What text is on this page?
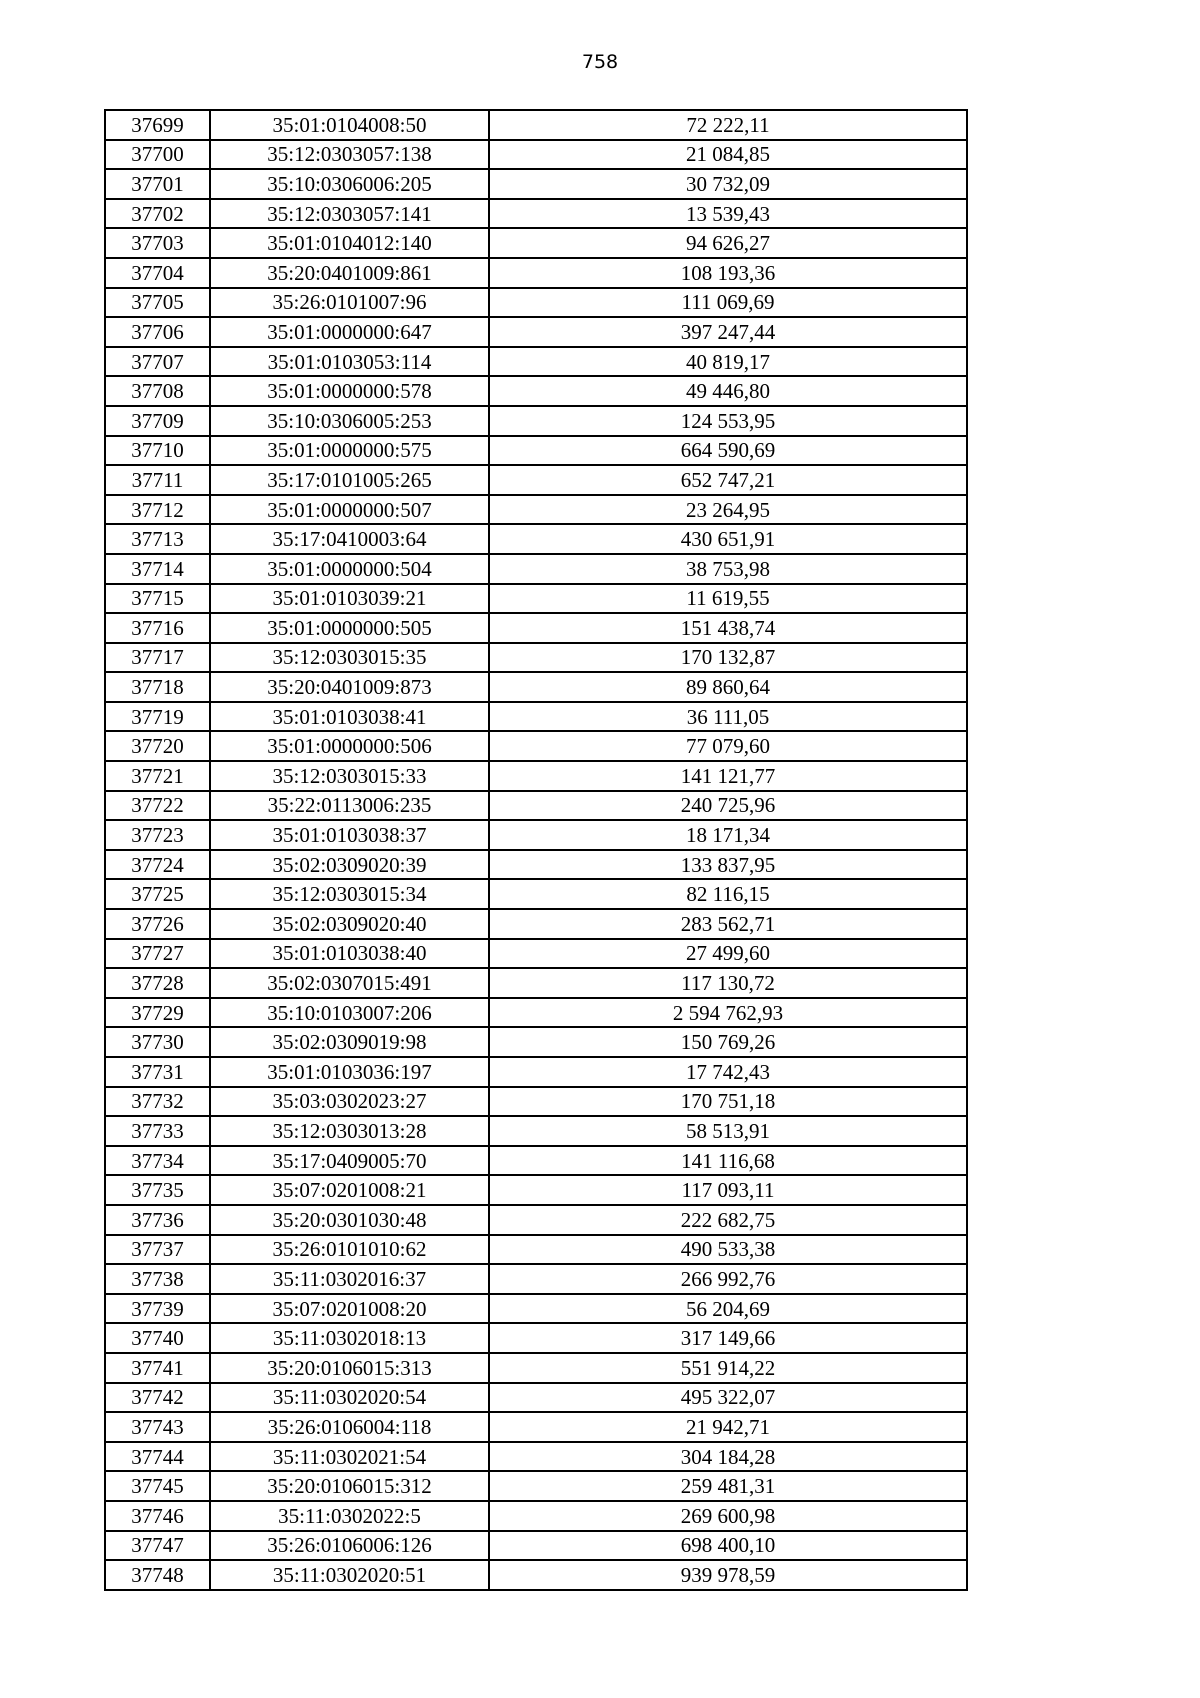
758
37699	35:01:0104008:50	72 222,11
37700	35:12:0303057:138	21 084,85
37701	35:10:0306006:205	30 732,09
37702	35:12:0303057:141	13 539,43
37703	35:01:0104012:140	94 626,27
37704	35:20:0401009:861	108 193,36
37705	35:26:0101007:96	111 069,69
37706	35:01:0000000:647	397 247,44
37707	35:01:0103053:114	40 819,17
37708	35:01:0000000:578	49 446,80
37709	35:10:0306005:253	124 553,95
37710	35:01:0000000:575	664 590,69
37711	35:17:0101005:265	652 747,21
37712	35:01:0000000:507	23 264,95
37713	35:17:0410003:64	430 651,91
37714	35:01:0000000:504	38 753,98
37715	35:01:0103039:21	11 619,55
37716	35:01:0000000:505	151 438,74
37717	35:12:0303015:35	170 132,87
37718	35:20:0401009:873	89 860,64
37719	35:01:0103038:41	36 111,05
37720	35:01:0000000:506	77 079,60
37721	35:12:0303015:33	141 121,77
37722	35:22:0113006:235	240 725,96
37723	35:01:0103038:37	18 171,34
37724	35:02:0309020:39	133 837,95
37725	35:12:0303015:34	82 116,15
37726	35:02:0309020:40	283 562,71
37727	35:01:0103038:40	27 499,60
37728	35:02:0307015:491	117 130,72
37729	35:10:0103007:206	2 594 762,93
37730	35:02:0309019:98	150 769,26
37731	35:01:0103036:197	17 742,43
37732	35:03:0302023:27	170 751,18
37733	35:12:0303013:28	58 513,91
37734	35:17:0409005:70	141 116,68
37735	35:07:0201008:21	117 093,11
37736	35:20:0301030:48	222 682,75
37737	35:26:0101010:62	490 533,38
37738	35:11:0302016:37	266 992,76
37739	35:07:0201008:20	56 204,69
37740	35:11:0302018:13	317 149,66
37741	35:20:0106015:313	551 914,22
37742	35:11:0302020:54	495 322,07
37743	35:26:0106004:118	21 942,71
37744	35:11:0302021:54	304 184,28
37745	35:20:0106015:312	259 481,31
37746	35:11:0302022:5	269 600,98
37747	35:26:0106006:126	698 400,10
37748	35:11:0302020:51	939 978,59
